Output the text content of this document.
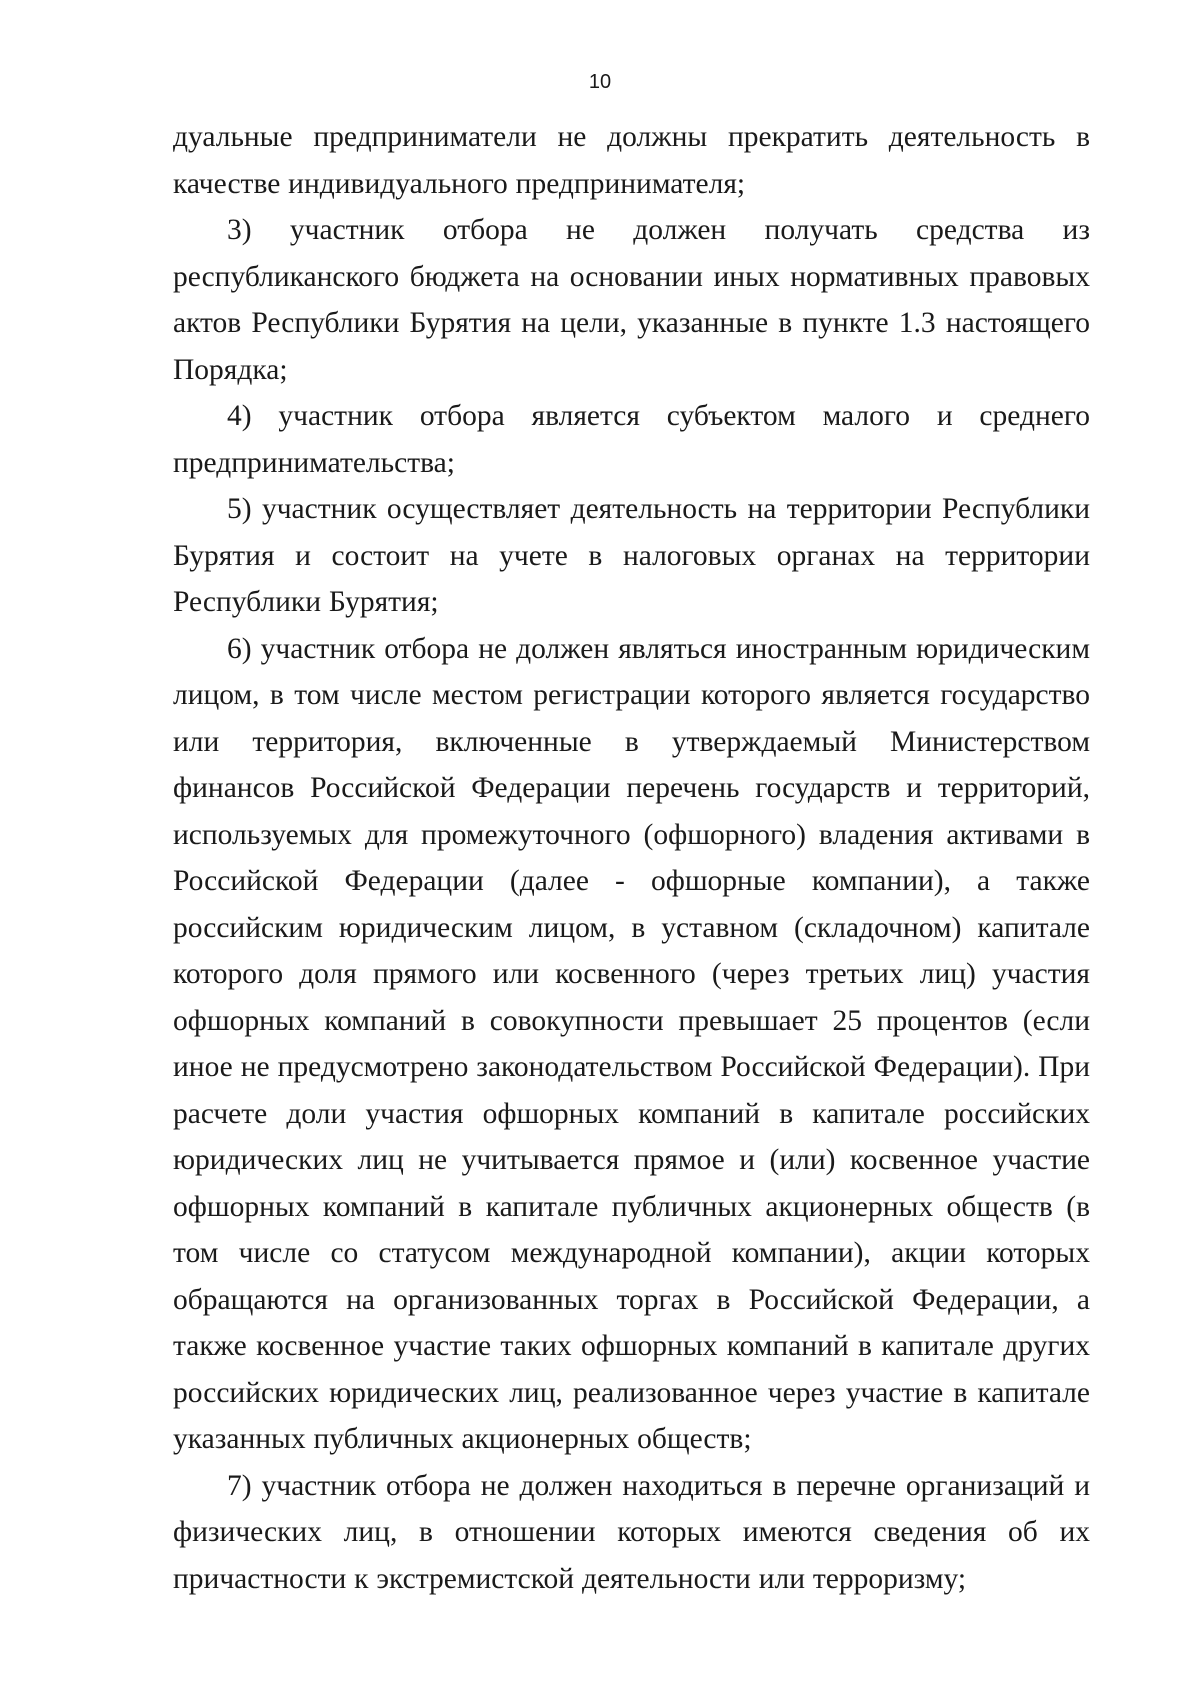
10

дуальные предприниматели не должны прекратить деятельность в качестве индивидуального предпринимателя;

3) участник отбора не должен получать средства из республиканского бюджета на основании иных нормативных правовых актов Республики Бурятия на цели, указанные в пункте 1.3 настоящего Порядка;

4) участник отбора является субъектом малого и среднего предпринимательства;

5) участник осуществляет деятельность на территории Республики Бурятия и состоит на учете в налоговых органах на территории Республики Бурятия;

6) участник отбора не должен являться иностранным юридическим лицом, в том числе местом регистрации которого является государство или территория, включенные в утверждаемый Министерством финансов Российской Федерации перечень государств и территорий, используемых для промежуточного (офшорного) владения активами в Российской Федерации (далее - офшорные компании), а также российским юридическим лицом, в уставном (складочном) капитале которого доля прямого или косвенного (через третьих лиц) участия офшорных компаний в совокупности превышает 25 процентов (если иное не предусмотрено законодательством Российской Федерации). При расчете доли участия офшорных компаний в капитале российских юридических лиц не учитывается прямое и (или) косвенное участие офшорных компаний в капитале публичных акционерных обществ (в том числе со статусом международной компании), акции которых обращаются на организованных торгах в Российской Федерации, а также косвенное участие таких офшорных компаний в капитале других российских юридических лиц, реализованное через участие в капитале указанных публичных акционерных обществ;

7) участник отбора не должен находиться в перечне организаций и физических лиц, в отношении которых имеются сведения об их причастности к экстремистской деятельности или терроризму;
